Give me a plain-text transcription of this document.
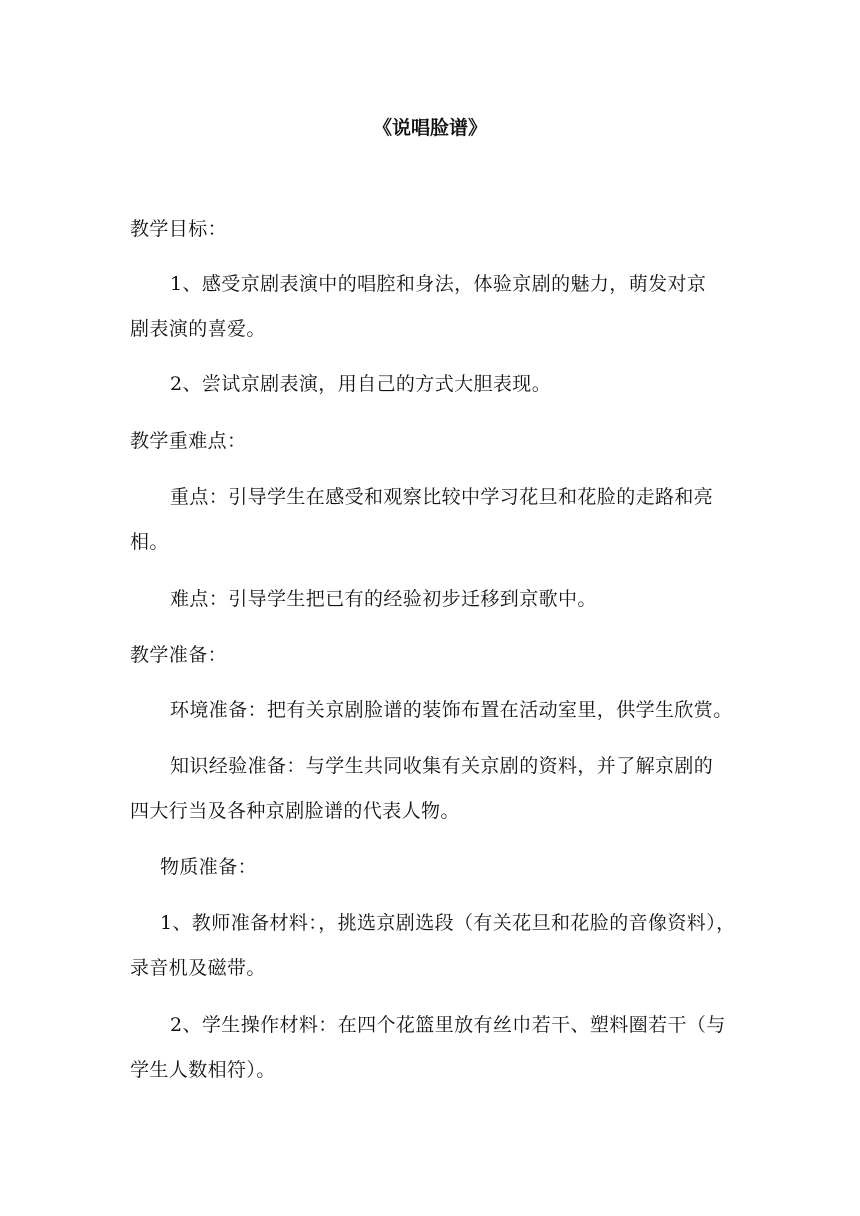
《说唱脸谱》
教学目标：
1、感受京剧表演中的唱腔和身法，体验京剧的魅力，萌发对京
剧表演的喜爱。
2、尝试京剧表演，用自己的方式大胆表现。
教学重难点：
重点：引导学生在感受和观察比较中学习花旦和花脸的走路和亮
相。
难点：引导学生把已有的经验初步迁移到京歌中。
教学准备：
环境准备：把有关京剧脸谱的装饰布置在活动室里，供学生欣赏。
知识经验准备：与学生共同收集有关京剧的资料，并了解京剧的
四大行当及各种京剧脸谱的代表人物。
物质准备：
1、教师准备材料：，挑选京剧选段（有关花旦和花脸的音像资料），
录音机及磁带。
2、学生操作材料：在四个花篮里放有丝巾若干、塑料圈若干（与
学生人数相符）。
